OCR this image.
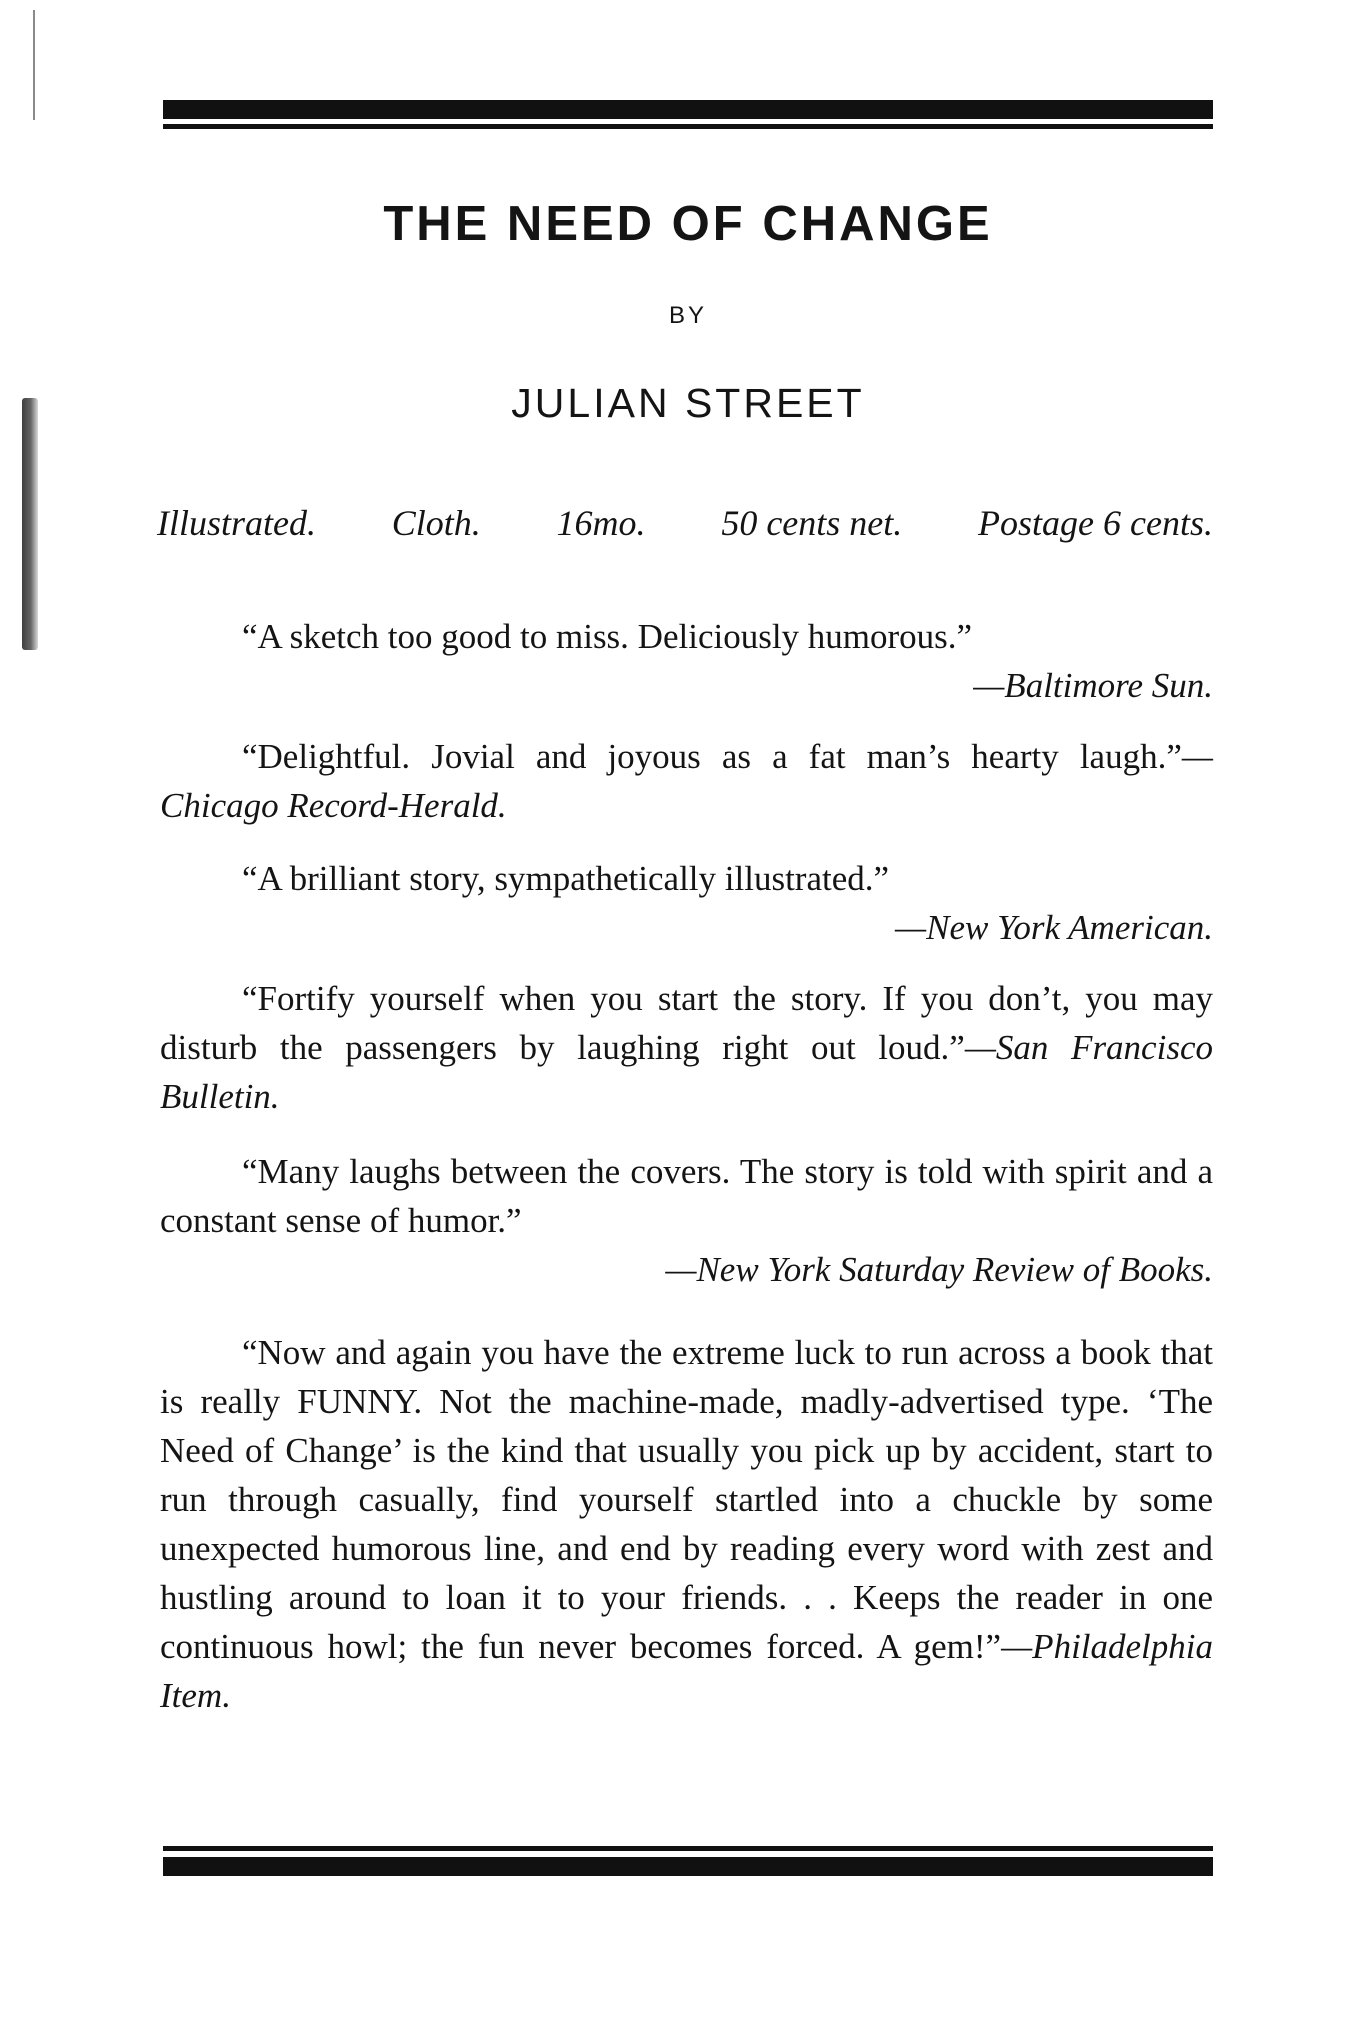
THE NEED OF CHANGE
BY
JULIAN STREET
Illustrated. Cloth. 16mo. 50 cents net. Postage 6 cents.

“A sketch too good to miss. Deliciously humorous.”

—Baltimore Sun.

“Delightful. Jovial and joyous as a fat man’s hearty laugh.”—Chicago Record-Herald.

“A brilliant story, sympathetically illustrated.”

—New York American.

“Fortify yourself when you start the story. If you don’t, you may disturb the passengers by laughing right out loud.”—San Francisco Bulletin.

“Many laughs between the covers. The story is told with spirit and a constant sense of humor.”

—New York Saturday Review of Books.

“Now and again you have the extreme luck to run across a book that is really FUNNY. Not the machine-made, madly-advertised type. ‘The Need of Change’ is the kind that usually you pick up by accident, start to run through casually, find yourself startled into a chuckle by some unexpected humorous line, and end by reading every word with zest and hustling around to loan it to your friends. . . Keeps the reader in one continuous howl; the fun never becomes forced. A gem!”—Philadelphia Item.
